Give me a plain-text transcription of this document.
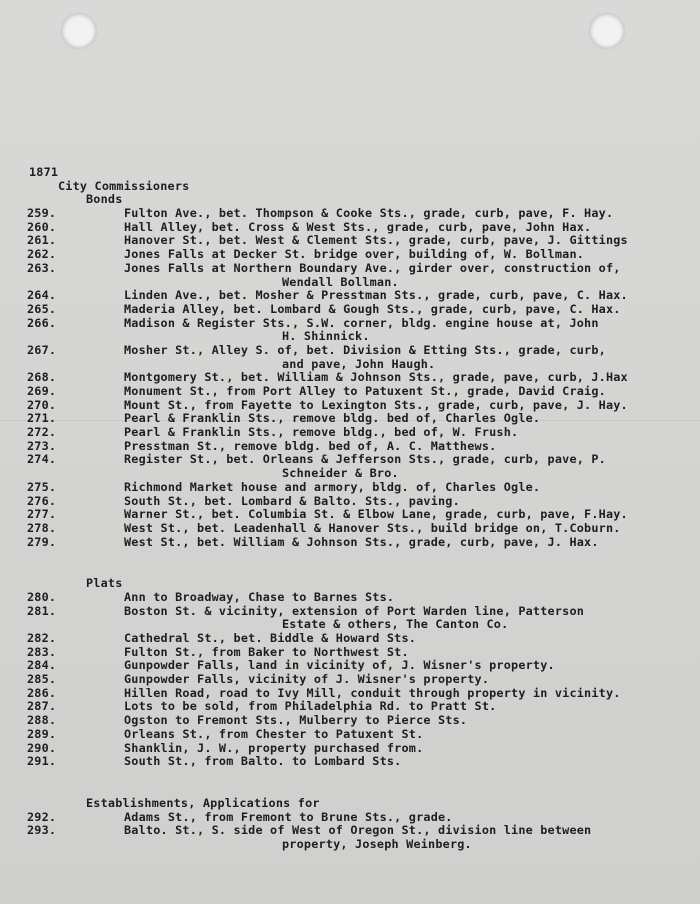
1871
City Commissioners
Bonds
259.	Fulton Ave., bet. Thompson & Cooke Sts., grade, curb, pave, F. Hay.
260.	Hall Alley, bet. Cross & West Sts., grade, curb, pave, John Hax.
261.	Hanover St., bet. West & Clement Sts., grade, curb, pave, J. Gittings
262.	Jones Falls at Decker St. bridge over, building of, W. Bollman.
263.	Jones Falls at Northern Boundary Ave., girder over, construction of,
Wendall Bollman.
264.	Linden Ave., bet. Mosher & Presstman Sts., grade, curb, pave, C. Hax.
265.	Maderia Alley, bet. Lombard & Gough Sts., grade, curb, pave, C. Hax.
266.	Madison & Register Sts., S.W. corner, bldg. engine house at, John
H. Shinnick.
267.	Mosher St., Alley S. of, bet. Division & Etting Sts., grade, curb,
and pave, John Haugh.
268.	Montgomery St., bet. William & Johnson Sts., grade, pave, curb, J.Hax
269.	Monument St., from Port Alley to Patuxent St., grade, David Craig.
270.	Mount St., from Fayette to Lexington Sts., grade, curb, pave, J. Hay.
271.	Pearl & Franklin Sts., remove bldg. bed of, Charles Ogle.
272.	Pearl & Franklin Sts., remove bldg., bed of, W. Frush.
273.	Presstman St., remove bldg. bed of, A. C. Matthews.
274.	Register St., bet. Orleans & Jefferson Sts., grade, curb, pave, P.
Schneider & Bro.
275.	Richmond Market house and armory, bldg. of, Charles Ogle.
276.	South St., bet. Lombard & Balto. Sts., paving.
277.	Warner St., bet. Columbia St. & Elbow Lane, grade, curb, pave, F.Hay.
278.	West St., bet. Leadenhall & Hanover Sts., build bridge on, T.Coburn.
279.	West St., bet. William & Johnson Sts., grade, curb, pave, J. Hax.
Plats
280.	Ann to Broadway, Chase to Barnes Sts.
281.	Boston St. & vicinity, extension of Port Warden line, Patterson
Estate & others, The Canton Co.
282.	Cathedral St., bet. Biddle & Howard Sts.
283.	Fulton St., from Baker to Northwest St.
284.	Gunpowder Falls, land in vicinity of, J. Wisner's property.
285.	Gunpowder Falls, vicinity of J. Wisner's property.
286.	Hillen Road, road to Ivy Mill, conduit through property in vicinity.
287.	Lots to be sold, from Philadelphia Rd. to Pratt St.
288.	Ogston to Fremont Sts., Mulberry to Pierce Sts.
289.	Orleans St., from Chester to Patuxent St.
290.	Shanklin, J. W., property purchased from.
291.	South St., from Balto. to Lombard Sts.
Establishments, Applications for
292.	Adams St., from Fremont to Brune Sts., grade.
293.	Balto. St., S. side of West of Oregon St., division line between
property, Joseph Weinberg.
